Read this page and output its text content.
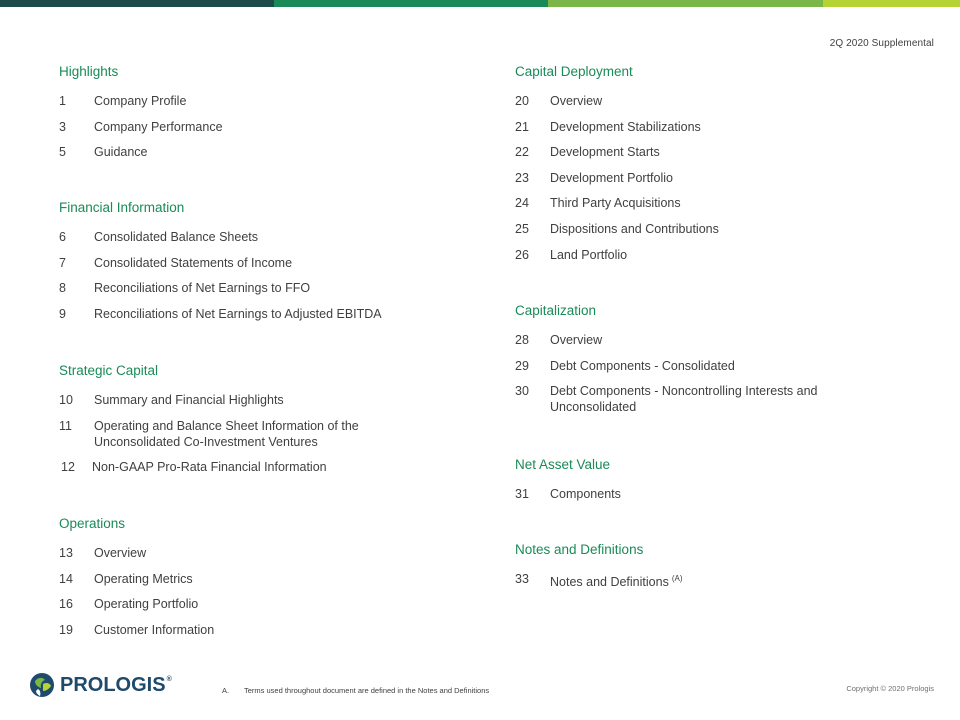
2Q 2020 Supplemental
Highlights
1	Company Profile
3	Company Performance
5	Guidance
Financial Information
6	Consolidated Balance Sheets
7	Consolidated Statements of Income
8	Reconciliations of Net Earnings to FFO
9	Reconciliations of Net Earnings to Adjusted EBITDA
Strategic Capital
10	Summary and Financial Highlights
11	Operating and Balance Sheet Information of the Unconsolidated Co-Investment Ventures
12	Non-GAAP Pro-Rata Financial Information
Operations
13	Overview
14	Operating Metrics
16	Operating Portfolio
19	Customer Information
Capital Deployment
20	Overview
21	Development Stabilizations
22	Development Starts
23	Development Portfolio
24	Third Party Acquisitions
25	Dispositions and Contributions
26	Land Portfolio
Capitalization
28	Overview
29	Debt Components - Consolidated
30	Debt Components - Noncontrolling Interests and Unconsolidated
Net Asset Value
31	Components
Notes and Definitions
33	Notes and Definitions $^{(A)}$
PROLOGIS®
A.	Terms used throughout document are defined in the Notes and Definitions	Copyright © 2020 Prologis
